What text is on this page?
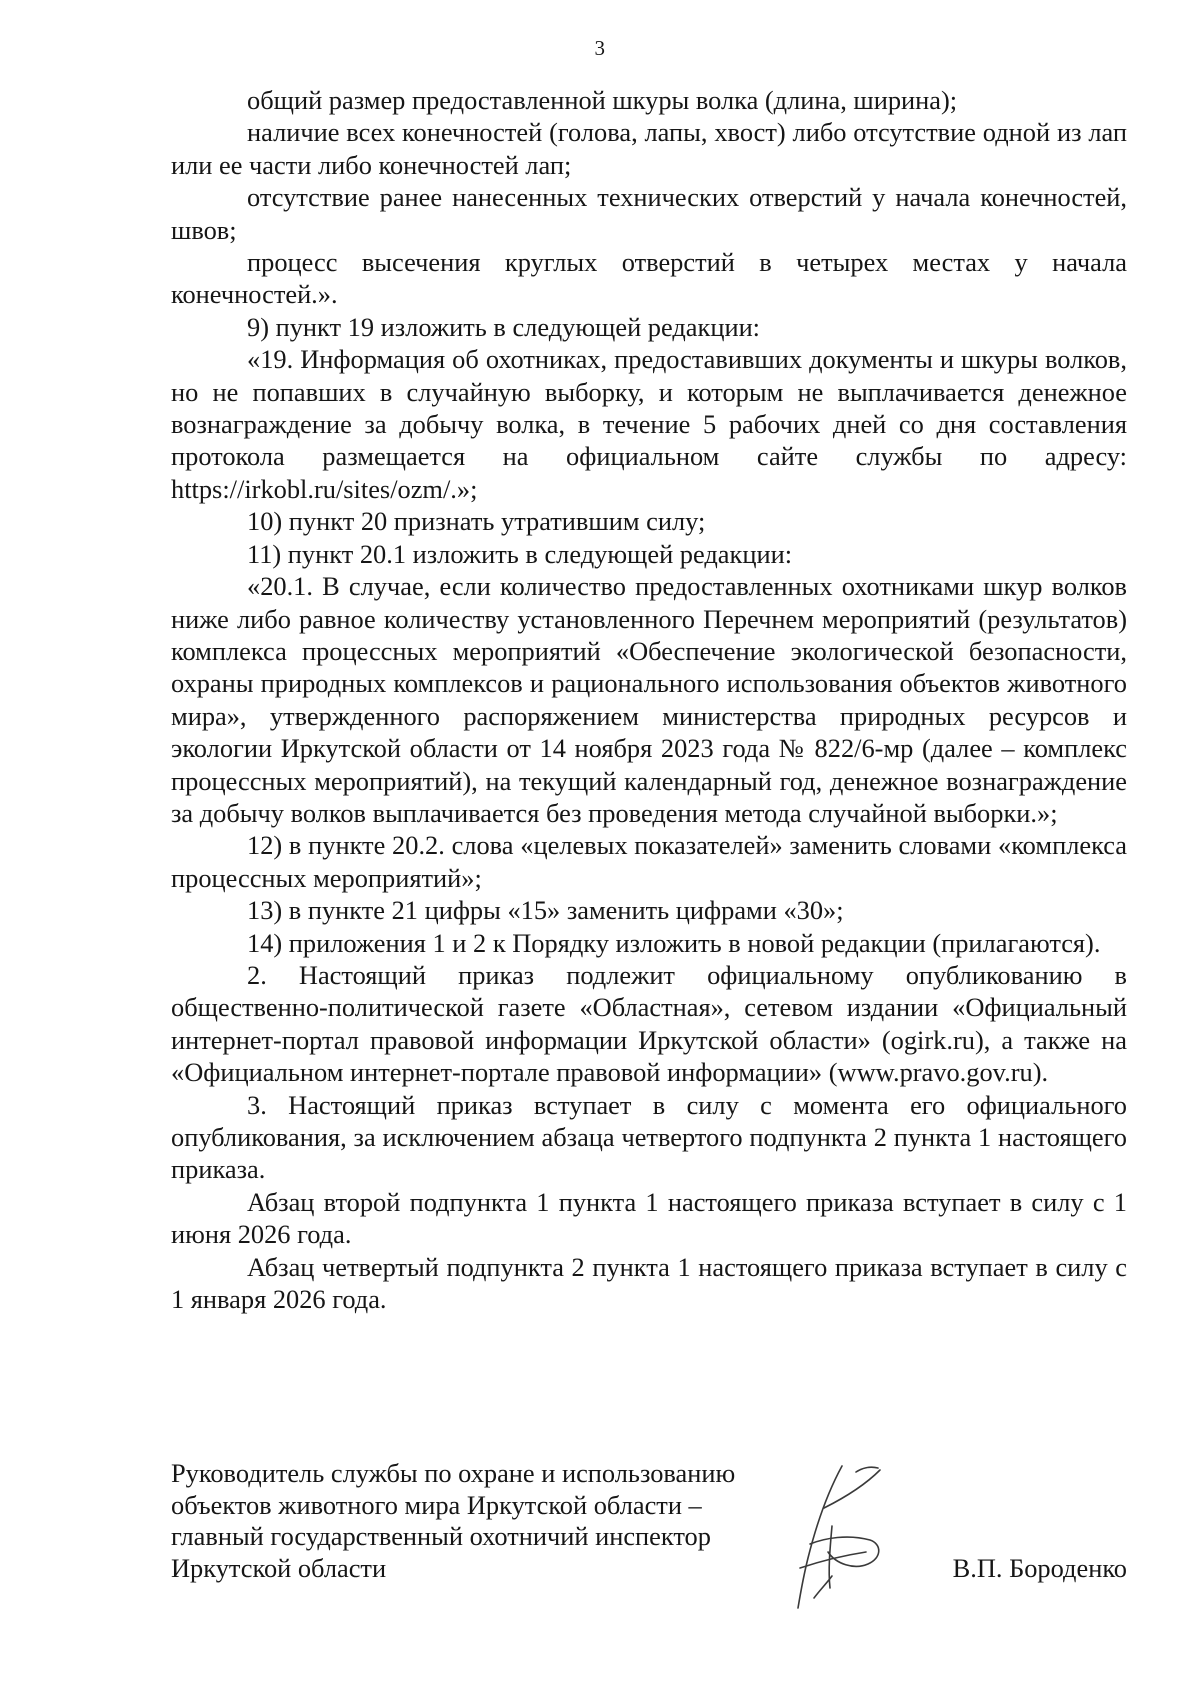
3

общий размер предоставленной шкуры волка (длина, ширина);

наличие всех конечностей (голова, лапы, хвост) либо отсутствие одной из лап или ее части либо конечностей лап;

отсутствие ранее нанесенных технических отверстий у начала конечностей, швов;

процесс высечения круглых отверстий в четырех местах у начала конечностей.».

9) пункт 19 изложить в следующей редакции:

«19. Информация об охотниках, предоставивших документы и шкуры волков, но не попавших в случайную выборку, и которым не выплачивается денежное вознаграждение за добычу волка, в течение 5 рабочих дней со дня составления протокола размещается на официальном сайте службы по адресу: https://irkobl.ru/sites/ozm/.»;

10) пункт 20 признать утратившим силу;

11) пункт 20.1 изложить в следующей редакции:

«20.1. В случае, если количество предоставленных охотниками шкур волков ниже либо равное количеству установленного Перечнем мероприятий (результатов) комплекса процессных мероприятий «Обеспечение экологической безопасности, охраны природных комплексов и рационального использования объектов животного мира», утвержденного распоряжением министерства природных ресурсов и экологии Иркутской области от 14 ноября 2023 года № 822/6-мр (далее – комплекс процессных мероприятий), на текущий календарный год, денежное вознаграждение за добычу волков выплачивается без проведения метода случайной выборки.»;

12) в пункте 20.2. слова «целевых показателей» заменить словами «комплекса процессных мероприятий»;

13) в пункте 21 цифры «15» заменить цифрами «30»;

14) приложения 1 и 2 к Порядку изложить в новой редакции (прилагаются).

2. Настоящий приказ подлежит официальному опубликованию в общественно-политической газете «Областная», сетевом издании «Официальный интернет-портал правовой информации Иркутской области» (ogirk.ru), а также на «Официальном интернет-портале правовой информации» (www.pravo.gov.ru).

3. Настоящий приказ вступает в силу с момента его официального опубликования, за исключением абзаца четвертого подпункта 2 пункта 1 настоящего приказа.

Абзац второй подпункта 1 пункта 1 настоящего приказа вступает в силу с 1 июня 2026 года.

Абзац четвертый подпункта 2 пункта 1 настоящего приказа вступает в силу с 1 января 2026 года.

Руководитель службы по охране и использованию
объектов животного мира Иркутской области –
главный государственный охотничий инспектор
Иркутской области	В.П. Бороденко
